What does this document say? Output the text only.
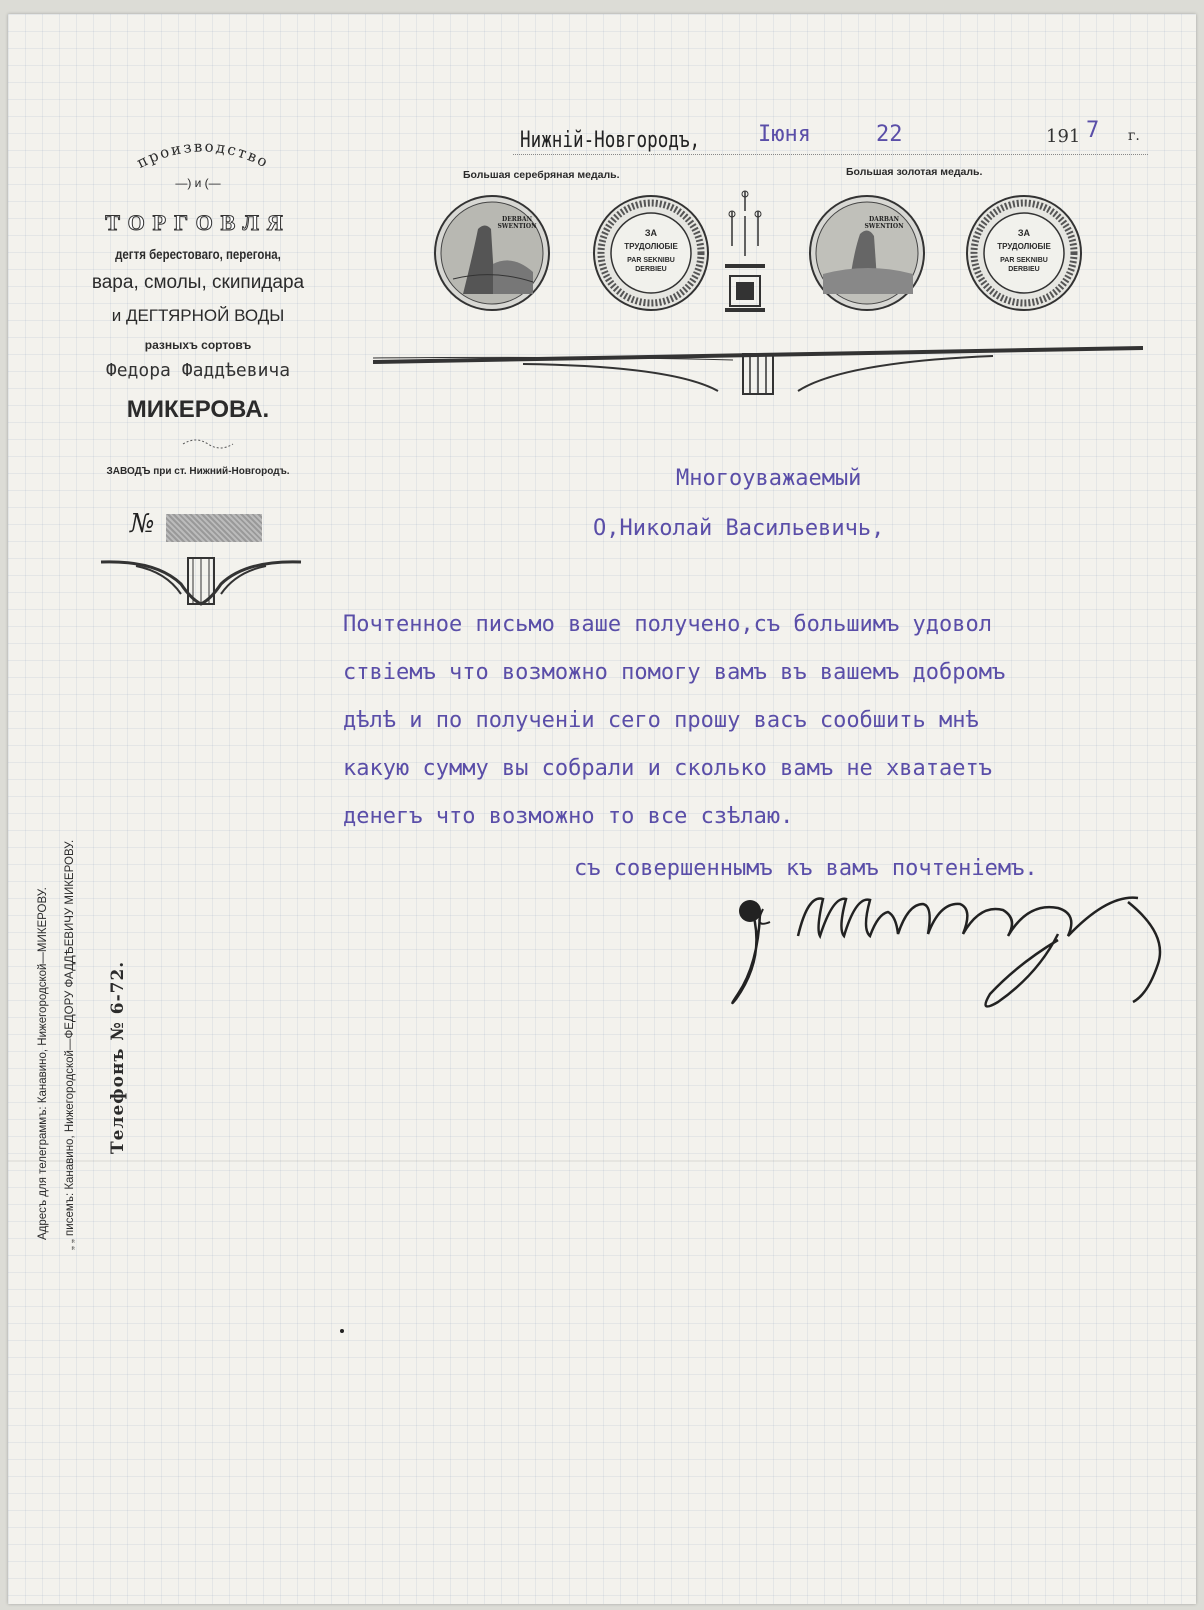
производство
—) и (—
ТОРГОВЛЯ
дегтя берестоваго, перегона,
вара, смолы, скипидара
и ДЕГТЯРНОЙ ВОДЫ
разныхъ сортовъ
Федора Фаддѣевича
МИКЕРОВА.
ЗАВОДЪ при ст. Нижний-Новгородъ.
№
Адресъ для телеграммъ: Канавино, Нижегородской—МИКЕРОВУ. „ „ писемъ: Канавино, Нижегородской—ФЕДОРУ ФАДДѢЕВИЧУ МИКЕРОВУ. Телефонъ № 6-72.
Нижній-Новгородъ,	Іюня	22	191 7 г.
Большая серебряная медаль.	Большая золотая медаль.
DERBAN SWENTION
ЗА
ТРУДОЛЮБІЕ
PAR SEKNIBU DERBIEU
DARBAN SWENTION
ЗА
ТРУДОЛЮБІЕ
PAR SEKNIBU DERBIEU
Многоуважаемый
О,Николай Васильевичь,
Почтенное письмо ваше получено,съ большимъ удовол
ствіемъ что возможно помогу вамъ въ вашемъ добромъ
дѣлѣ и по полученіи сего прошу васъ сообшить мнѣ
какую сумму вы собрали и сколько вамъ не хватаетъ
денегъ что возможно то все сзѣлаю.
съ совершеннымъ къ вамъ почтеніемъ.
